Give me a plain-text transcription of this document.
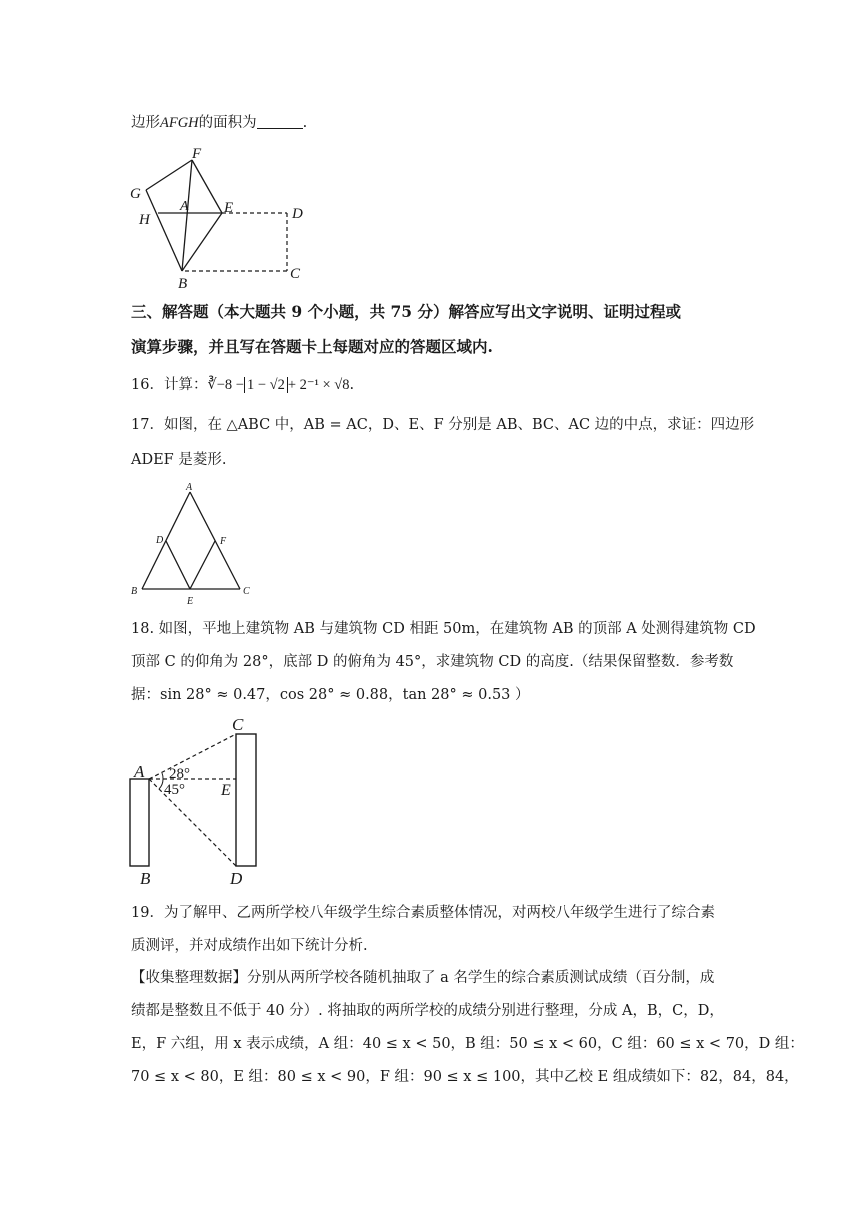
边形AFGH的面积为	.
F
G
H
A E	D
B
C
三、解答题（本大题共 9 个小题，共 75 分）解答应写出文字说明、证明过程或
演算步骤，并且写在答题卡上每题对应的答题区域内.
16．计算：∛−8 − 1 − √2 + 2⁻¹ × √8.
17．如图，在 △ABC 中，AB = AC，D、E、F 分别是 AB、BC、AC 边的中点，求证：四边形
ADEF 是菱形.
A
D	F
B
E
C
18. 如图，平地上建筑物 AB 与建筑物 CD 相距 50m，在建筑物 AB 的顶部 A 处测得建筑物 CD
顶部 C 的仰角为 28°，底部 D 的俯角为 45°，求建筑物 CD 的高度.（结果保留整数．参考数
据：sin 28° ≈ 0.47，cos 28° ≈ 0.88，tan 28° ≈ 0.53 ）
C
A
E
B	D
28°
45°
19．为了解甲、乙两所学校八年级学生综合素质整体情况，对两校八年级学生进行了综合素
质测评，并对成绩作出如下统计分析.
【收集整理数据】分别从两所学校各随机抽取了 a 名学生的综合素质测试成绩（百分制，成
绩都是整数且不低于 40 分）. 将抽取的两所学校的成绩分别进行整理，分成 A，B，C，D，
E，F 六组，用 x 表示成绩，A 组：40 ≤ x < 50，B 组：50 ≤ x < 60，C 组：60 ≤ x < 70，D 组：
70 ≤ x < 80，E 组：80 ≤ x < 90，F 组：90 ≤ x ≤ 100，其中乙校 E 组成绩如下：82，84，84，
